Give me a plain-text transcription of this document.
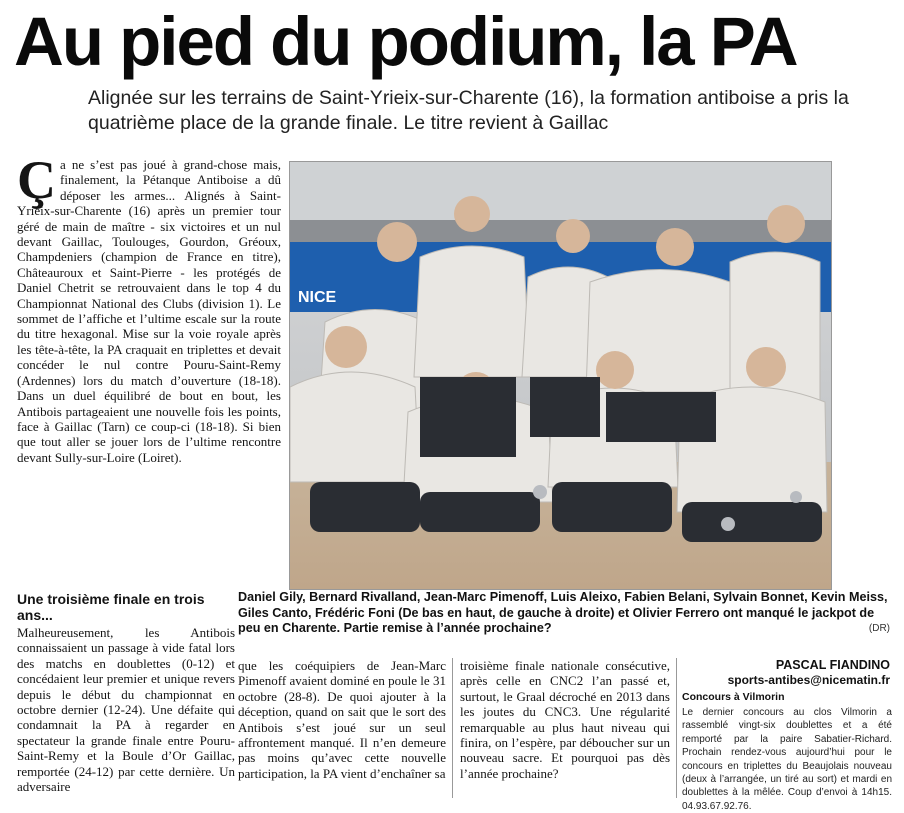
Au pied du podium, la PA
Alignée sur les terrains de Saint-Yrieix-sur-Charente (16), la formation antiboise a pris la quatrième place de la grande finale. Le titre revient à Gaillac

Ça ne s’est pas joué à grand-chose mais, finalement, la Pétanque Antiboise a dû déposer les armes... Alignés à Saint-Yrieix-sur-Charente (16) après un premier tour géré de main de maître - six victoires et un nul devant Gaillac, Toulouges, Gourdon, Gréoux, Champdeniers (champion de France en titre), Châteauroux et Saint-Pierre - les protégés de Daniel Chetrit se retrouvaient dans le top 4 du Championnat National des Clubs (division 1). Le sommet de l’affiche et l’ultime escale sur la route du titre hexagonal. Mise sur la voie royale après les tête-à-tête, la PA craquait en triplettes et devait concéder le nul contre Pouru-Saint-Remy (Ardennes) lors du match d’ouverture (18-18). Dans un duel équilibré de bout en bout, les Antibois partageaient une nouvelle fois les points, face à Gaillac (Tarn) ce coup-ci (18-18). Si bien que tout aller se jouer lors de l’ultime rencontre devant Sully-sur-Loire (Loiret).

Une troisième finale en trois ans...

Malheureusement, les Antibois connaissaient un passage à vide fatal lors des matchs en doublettes (0-12) et concédaient leur premier et unique revers depuis le début du championnat en octobre dernier (12-24). Une défaite qui condamnait la PA à regarder en spectateur la grande finale entre Pouru-Saint-Remy et la Boule d’Or Gaillac, remportée (24-12) par cette dernière. Un adversaire

que les coéquipiers de Jean-Marc Pimenoff avaient dominé en poule le 31 octobre (28-8). De quoi ajouter à la déception, quand on sait que le sort des Antibois s’est joué sur un seul affrontement manqué. Il n’en demeure pas moins qu’avec cette nouvelle participation, la PA vient d’enchaîner sa

troisième finale nationale consécutive, après celle en CNC2 l’an passé et, surtout, le Graal décroché en 2013 dans les joutes du CNC3. Une régularité remarquable au plus haut niveau qui finira, on l’espère, par déboucher sur un nouveau sacre. Et pourquoi pas dès l’année prochaine?

NICE
Daniel Gily, Bernard Rivalland, Jean-Marc Pimenoff, Luis Aleixo, Fabien Belani, Sylvain Bonnet, Kevin Meiss, Giles Canto, Frédéric Foni (De bas en haut, de gauche à droite) et Olivier Ferrero ont manqué le jackpot de peu en Charente. Partie remise à l’année prochaine?	(DR)
PASCAL FIANDINO
sports-antibes@nicematin.fr
Concours à Vilmorin
Le dernier concours au clos Vilmorin a rassemblé vingt-six doublettes et a été remporté par la paire Sabatier-Richard. Prochain rendez-vous aujourd’hui pour le concours en triplettes du Beaujolais nouveau (deux à l’arrangée, un tiré au sort) et mardi en doublettes à la mêlée. Coup d’envoi à 14h15. 04.93.67.92.76.
